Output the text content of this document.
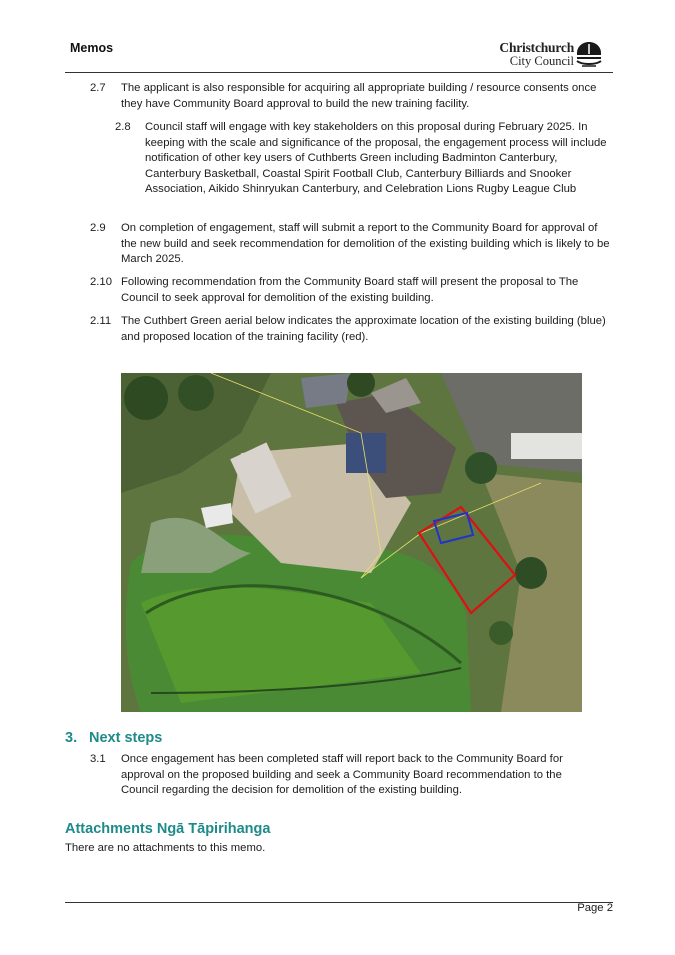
Memos	Christchurch
City Council
2.7 The applicant is also responsible for acquiring all appropriate building / resource consents once they have Community Board approval to build the new training facility.
2.8 Council staff will engage with key stakeholders on this proposal during February 2025. In keeping with the scale and significance of the proposal, the engagement process will include notification of other key users of Cuthberts Green including Badminton Canterbury, Canterbury Basketball, Coastal Spirit Football Club, Canterbury Billiards and Snooker Association, Aikido Shinryukan Canterbury, and Celebration Lions Rugby League Club
2.9 On completion of engagement, staff will submit a report to the Community Board for approval of the new build and seek recommendation for demolition of the existing building which is likely to be March 2025.
2.10 Following recommendation from the Community Board staff will present the proposal to The Council to seek approval for demolition of the existing building.
2.11 The Cuthbert Green aerial below indicates the approximate location of the existing building (blue) and proposed location of the training facility (red).
3. Next steps
3.1 Once engagement has been completed staff will report back to the Community Board for approval on the proposed building and seek a Community Board recommendation to the Council regarding the decision for demolition of the existing building.
Attachments Ngā Tāpirihanga
There are no attachments to this memo.
Page 2
